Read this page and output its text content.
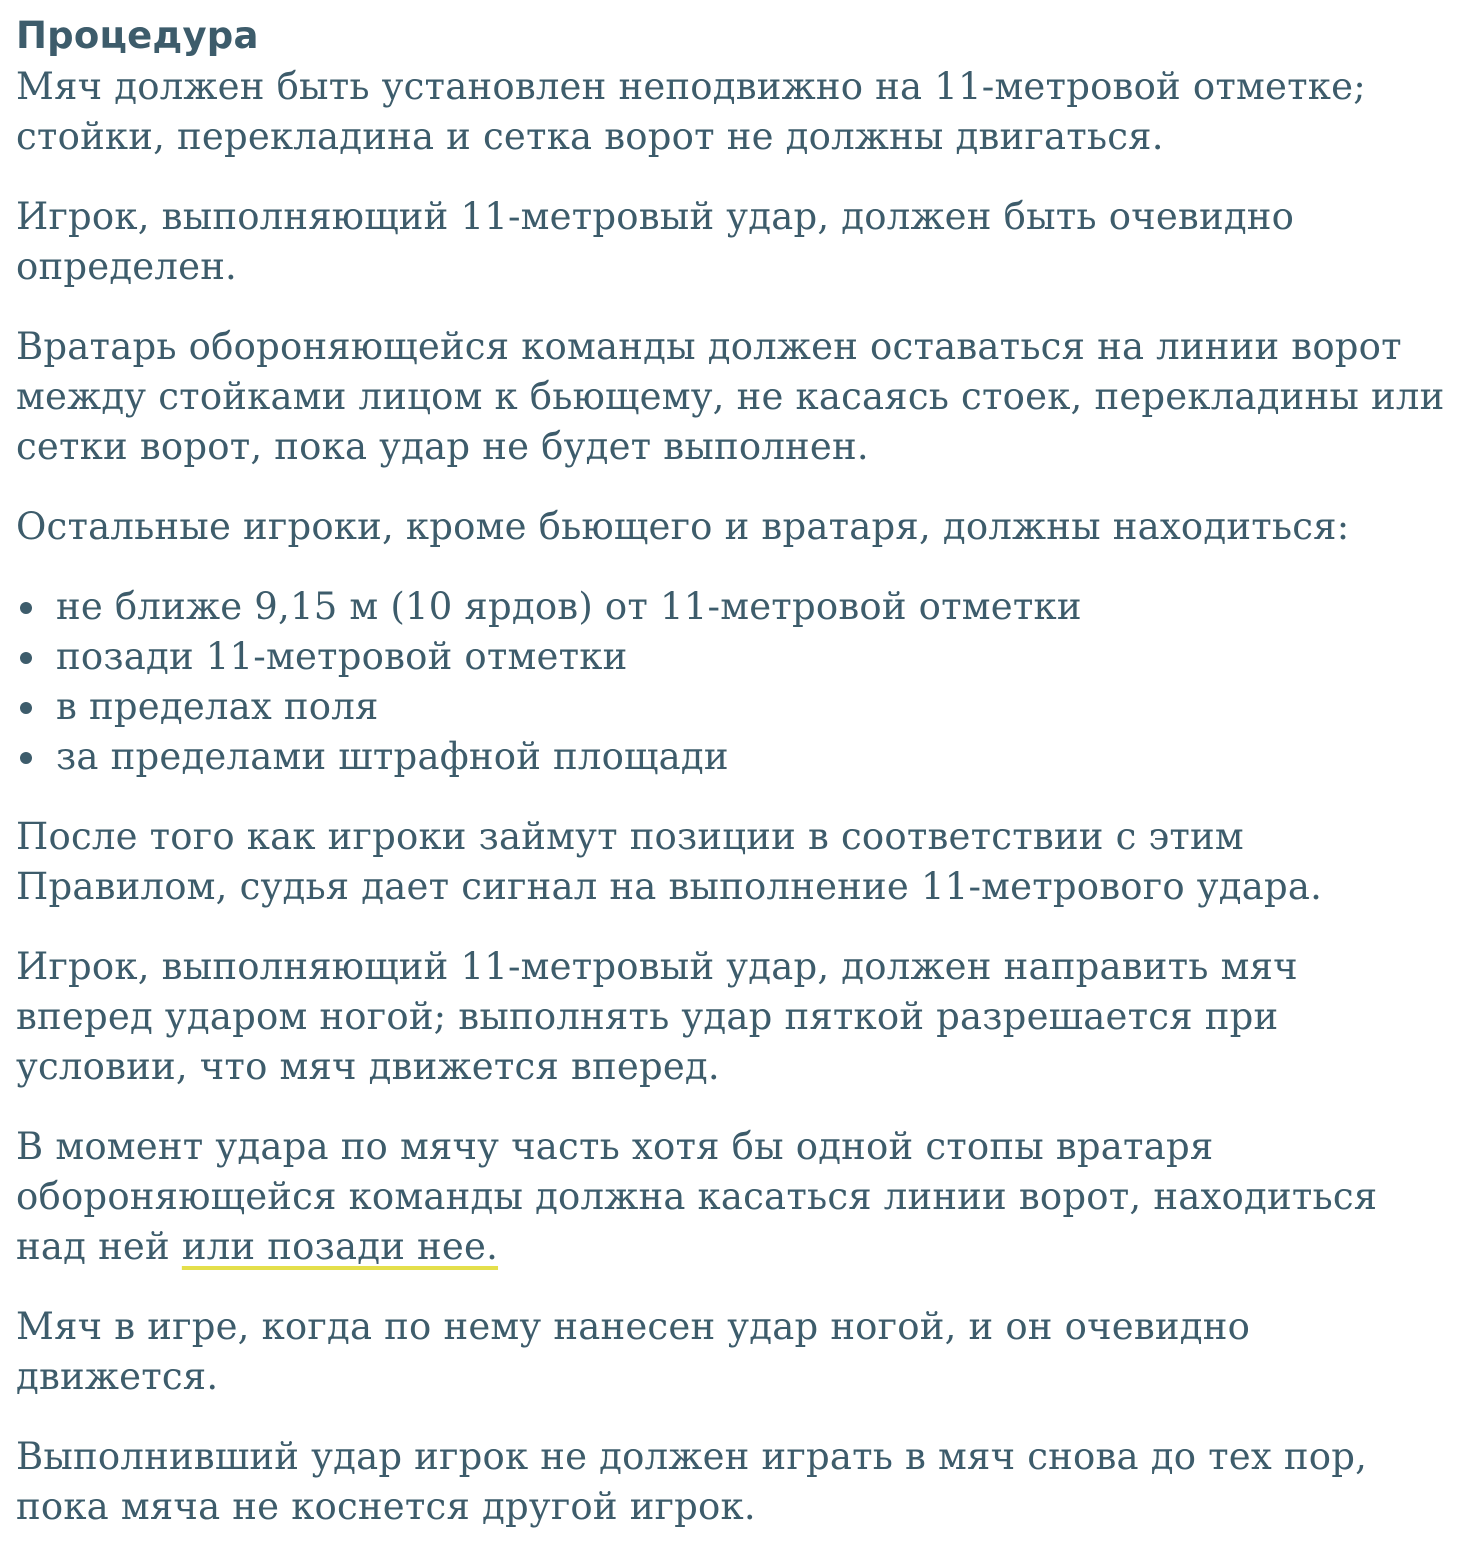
Процедура

Мяч должен быть установлен неподвижно на 11-метровой отметке; стойки, перекладина и сетка ворот не должны двигаться.

Игрок, выполняющий 11-метровый удар, должен быть очевидно определен.

Вратарь обороняющейся команды должен оставаться на линии ворот между стойками лицом к бьющему, не касаясь стоек, перекладины или сетки ворот, пока удар не будет выполнен.

Остальные игроки, кроме бьющего и вратаря, должны находиться:

не ближе 9,15 м (10 ярдов) от 11-метровой отметки
позади 11-метровой отметки
в пределах поля
за пределами штрафной площади

После того как игроки займут позиции в соответствии с этим Правилом, судья дает сигнал на выполнение 11-метрового удара.

Игрок, выполняющий 11-метровый удар, должен направить мяч вперед ударом ногой; выполнять удар пяткой разрешается при условии, что мяч движется вперед.

В момент удара по мячу часть хотя бы одной стопы вратаря обороняющейся команды должна касаться линии ворот, находиться над ней или позади нее.

Мяч в игре, когда по нему нанесен удар ногой, и он очевидно движется.

Выполнивший удар игрок не должен играть в мяч снова до тех пор, пока мяча не коснется другой игрок.
